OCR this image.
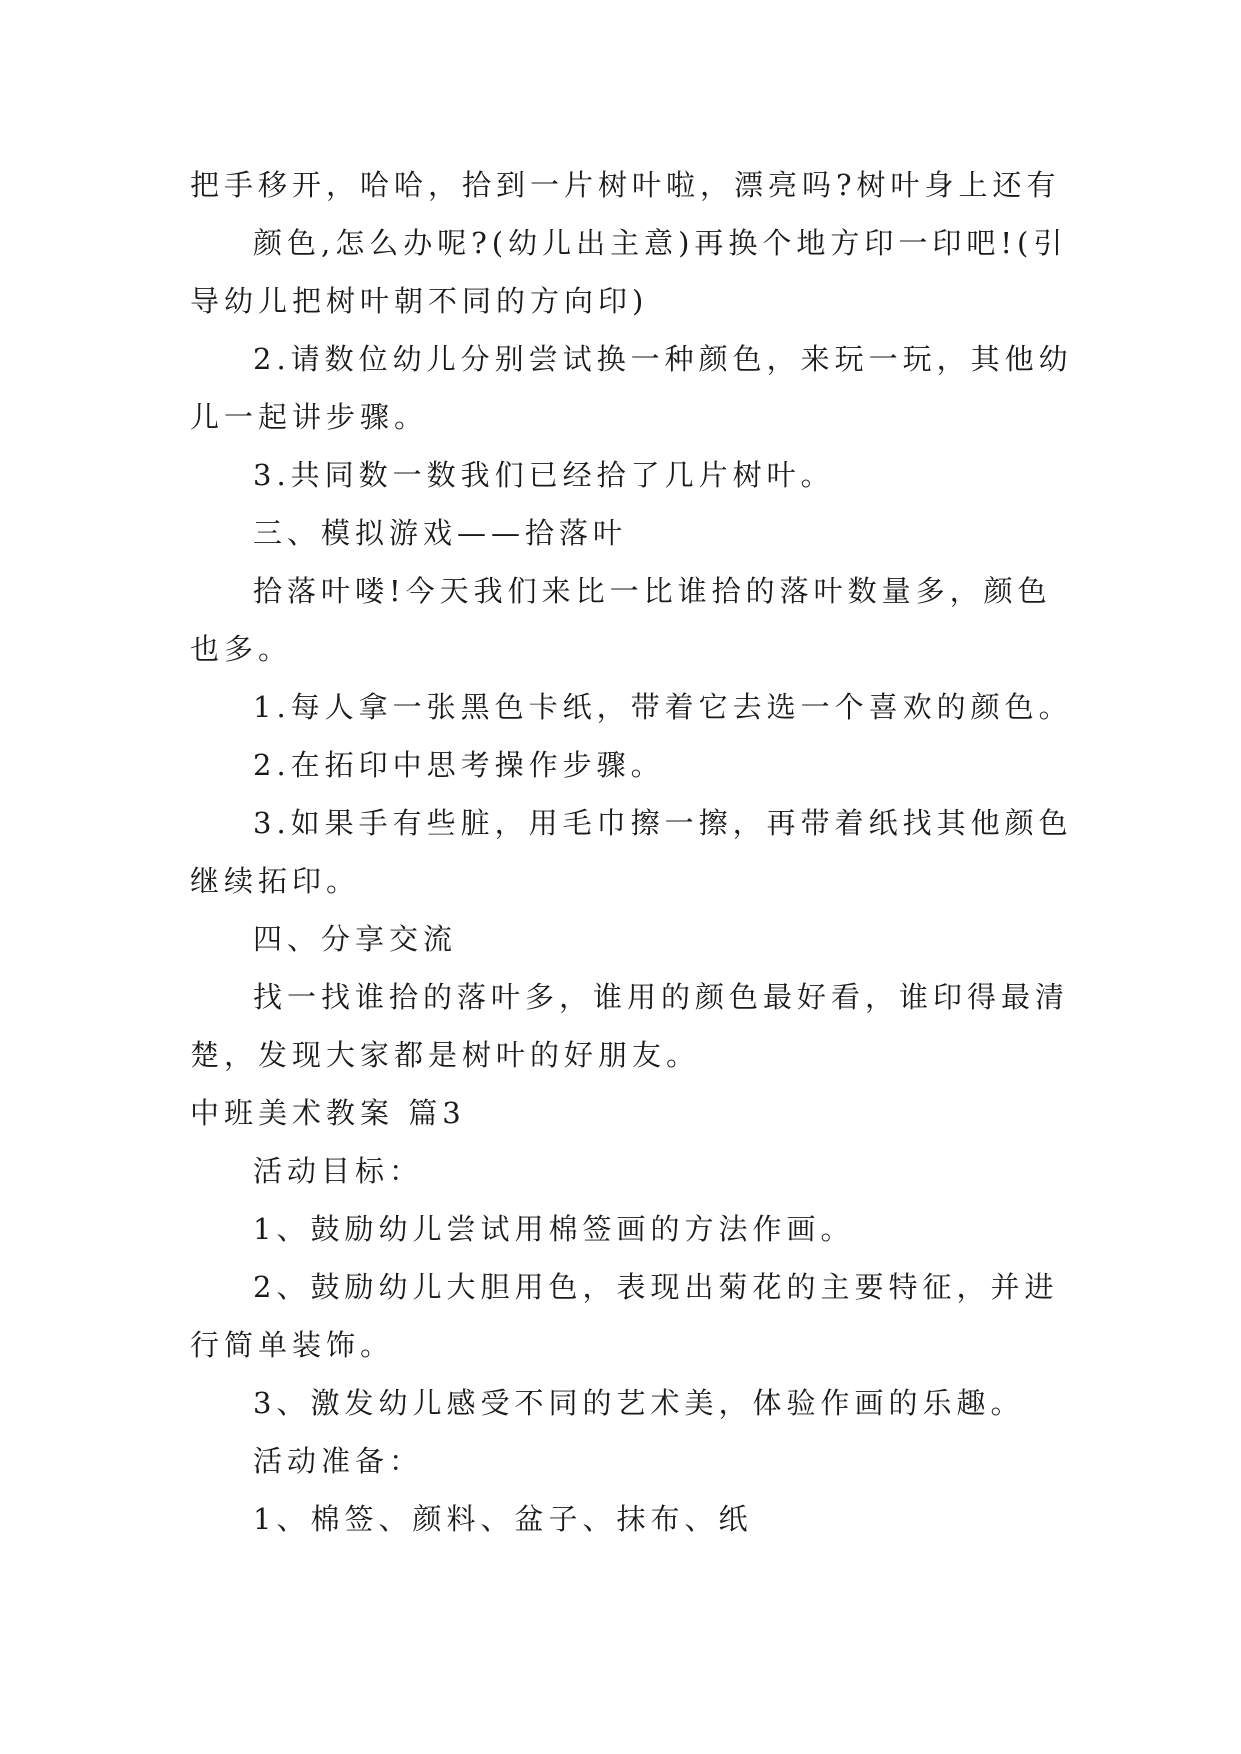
把手移开，哈哈，拾到一片树叶啦，漂亮吗?树叶身上还有
颜色,怎么办呢?(幼儿出主意)再换个地方印一印吧!(引
导幼儿把树叶朝不同的方向印)
2.请数位幼儿分别尝试换一种颜色，来玩一玩，其他幼
儿一起讲步骤。
3.共同数一数我们已经拾了几片树叶。
三、模拟游戏——拾落叶
拾落叶喽!今天我们来比一比谁拾的落叶数量多，颜色
也多。
1.每人拿一张黑色卡纸，带着它去选一个喜欢的颜色。
2.在拓印中思考操作步骤。
3.如果手有些脏，用毛巾擦一擦，再带着纸找其他颜色
继续拓印。
四、分享交流
找一找谁拾的落叶多，谁用的颜色最好看，谁印得最清
楚，发现大家都是树叶的好朋友。
中班美术教案 篇3
活动目标：
1、鼓励幼儿尝试用棉签画的方法作画。
2、鼓励幼儿大胆用色，表现出菊花的主要特征，并进
行简单装饰。
3、激发幼儿感受不同的艺术美，体验作画的乐趣。
活动准备：
1、棉签、颜料、盆子、抹布、纸
